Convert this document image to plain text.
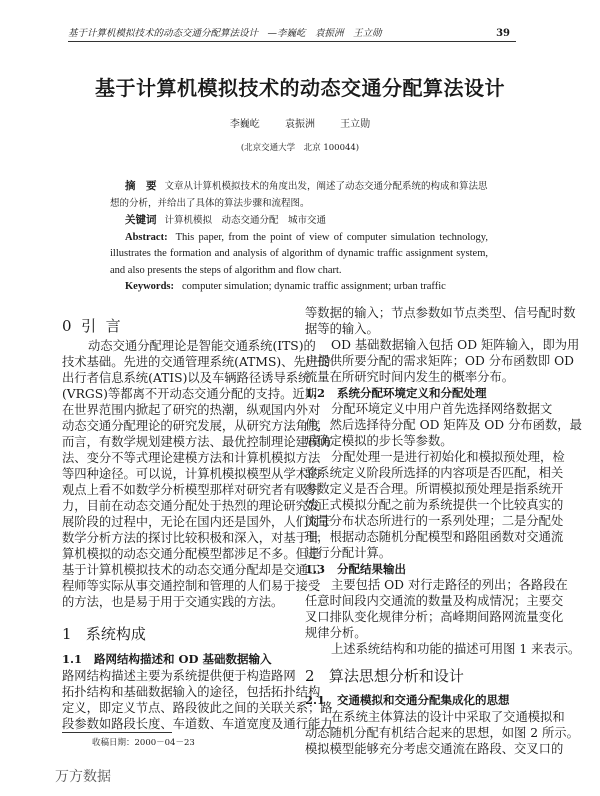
基于计算机模拟技术的动态交通分配算法设计　—李巍屹　袁振洲　王立勋	39
基于计算机模拟技术的动态交通分配算法设计
李巍屹 袁振洲 王立勋
(北京交通大学　北京 100044)
摘　要 文章从计算机模拟技术的角度出发，阐述了动态交通分配系统的构成和算法思想的分析，并给出了具体的算法步骤和流程图。
关键词 计算机模拟　动态交通分配　城市交通
Abstract: This paper, from the point of view of computer simulation technology, illustrates the formation and analysis of algorithm of dynamic traffic assignment system, and also presents the steps of algorithm and flow chart.
Keywords: computer simulation; dynamic traffic assignment; urban traffic
0  引  言
动态交通分配理论是智能交通系统(ITS)的
技术基础。先进的交通管理系统(ATMS)、先进的
出行者信息系统(ATIS)以及车辆路径诱导系统
(VRGS)等都离不开动态交通分配的支持。近期
在世界范围内掀起了研究的热潮，纵观国内外对
动态交通分配理论的研究发展，从研究方法角度
而言，有数学规划建模方法、最优控制理论建模方
法、变分不等式理论建模方法和计算机模拟方法
等四种途径。可以说，计算机模拟模型从学术的
观点上看不如数学分析模型那样对研究者有吸引
力，目前在动态交通分配处于热烈的理论研究发
展阶段的过程中，无论在国内还是国外，人们对于
数学分析方法的探讨比较积极和深入，对基于计
算机模拟的动态交通分配模型都涉足不多。但是
基于计算机模拟技术的动态交通分配却是交通工
程师等实际从事交通控制和管理的人们易于接受
的方法，也是易于用于交通实践的方法。
1   系统构成
1.1   路网结构描述和 OD 基础数据输入
路网结构描述主要为系统提供便于构造路网
拓扑结构和基础数据输入的途径，包括拓扑结构
定义，即定义节点、路段彼此之间的关联关系；路
段参数如路段长度、车道数、车道宽度及通行能力
等数据的输入；节点参数如节点类型、信号配时数
据等的输入。
OD 基础数据输入包括 OD 矩阵输入，即为用
户提供所要分配的需求矩阵；OD 分布函数即 OD
流量在所研究时间内发生的概率分布。
1.2   系统分配环境定义和分配处理
分配环境定义中用户首先选择网络数据文
件，然后选择待分配 OD 矩阵及 OD 分布函数，最
后确定模拟的步长等参数。
分配处理一是进行初始化和模拟预处理，检
验系统定义阶段所选择的内容项是否匹配，相关
参数定义是否合理。所谓模拟预处理是指系统开
始正式模拟分配之前为系统提供一个比较真实的
流量分布状态所进行的一系列处理；二是分配处
理，根据动态随机分配模型和路阻函数对交通流
进行分配计算。
1.3   分配结果输出
主要包括 OD 对行走路径的列出；各路段在
任意时间段内交通流的数量及构成情况；主要交
叉口排队变化规律分析；高峰期间路网流量变化
规律分析。
上述系统结构和功能的描述可用图 1 来表示。
2   算法思想分析和设计
2.1   交通模拟和交通分配集成化的思想
在系统主体算法的设计中采取了交通模拟和
动态随机分配有机结合起来的思想，如图 2 所示。
模拟模型能够充分考虑交通流在路段、交叉口的
收稿日期：2000－04－23
万方数据
